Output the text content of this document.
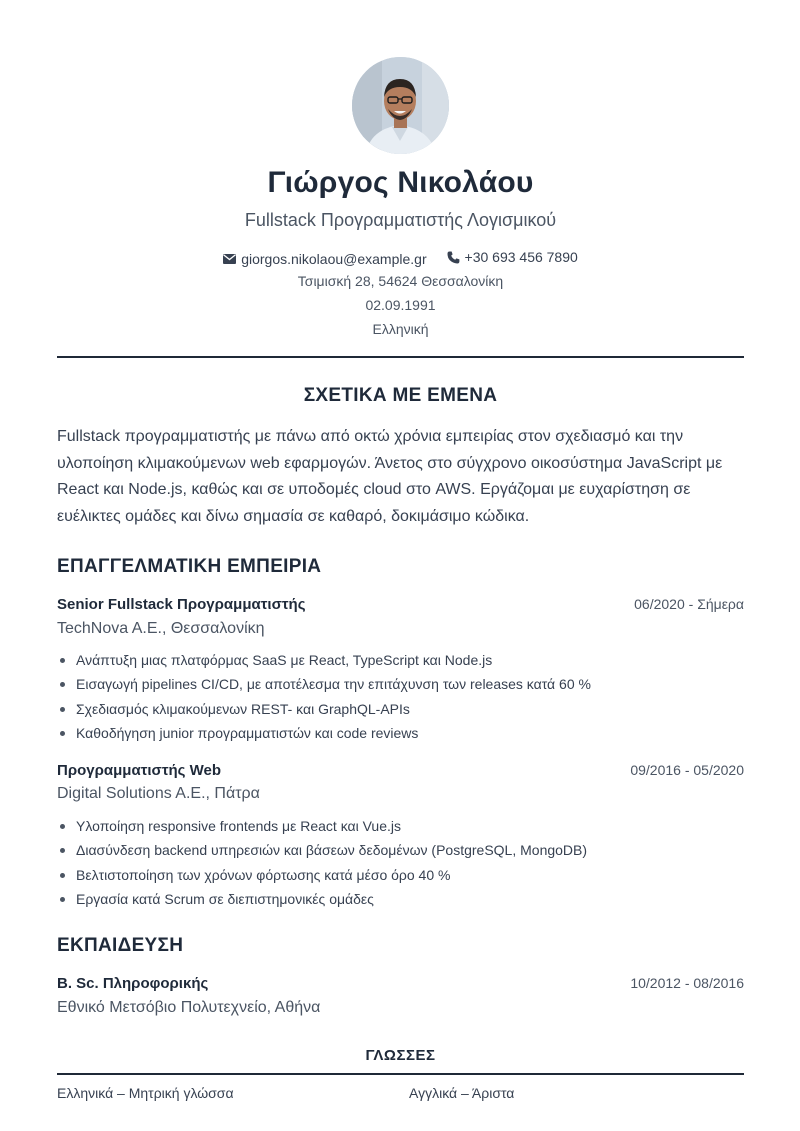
Γιώργος Νικολάου
Fullstack Προγραμματιστής Λογισμικού
giorgos.nikolaou@example.gr
	+30 693 456 7890
Τσιμισκή 28, 54624 Θεσσαλονίκη
02.09.1991
Ελληνική
ΣΧΕΤΙΚΑ ΜΕ ΕΜΕΝΑ
Fullstack προγραμματιστής με πάνω από οκτώ χρόνια εμπειρίας στον σχεδιασμό και την υλοποίηση κλιμακούμενων web εφαρμογών. Άνετος στο σύγχρονο οικοσύστημα JavaScript με React και Node.js, καθώς και σε υποδομές cloud στο AWS. Εργάζομαι με ευχαρίστηση σε ευέλικτες ομάδες και δίνω σημασία σε καθαρό, δοκιμάσιμο κώδικα.
ΕΠΑΓΓΕΛΜΑΤΙΚΗ ΕΜΠΕΙΡΙΑ
Senior Fullstack Προγραμματιστής	06/2020 - Σήμερα
TechNova A.E., Θεσσαλονίκη
Ανάπτυξη μιας πλατφόρμας SaaS με React, TypeScript και Node.js
Εισαγωγή pipelines CI/CD, με αποτέλεσμα την επιτάχυνση των releases κατά 60 %
Σχεδιασμός κλιμακούμενων REST- και GraphQL-APIs
Καθοδήγηση junior προγραμματιστών και code reviews
Προγραμματιστής Web	09/2016 - 05/2020
Digital Solutions A.E., Πάτρα
Υλοποίηση responsive frontends με React και Vue.js
Διασύνδεση backend υπηρεσιών και βάσεων δεδομένων (PostgreSQL, MongoDB)
Βελτιστοποίηση των χρόνων φόρτωσης κατά μέσο όρο 40 %
Εργασία κατά Scrum σε διεπιστημονικές ομάδες
ΕΚΠΑΙΔΕΥΣΗ
B. Sc. Πληροφορικής	10/2012 - 08/2016
Εθνικό Μετσόβιο Πολυτεχνείο, Αθήνα
ΓΛΩΣΣΕΣ
Ελληνικά – Μητρική γλώσσα	Αγγλικά – Άριστα
